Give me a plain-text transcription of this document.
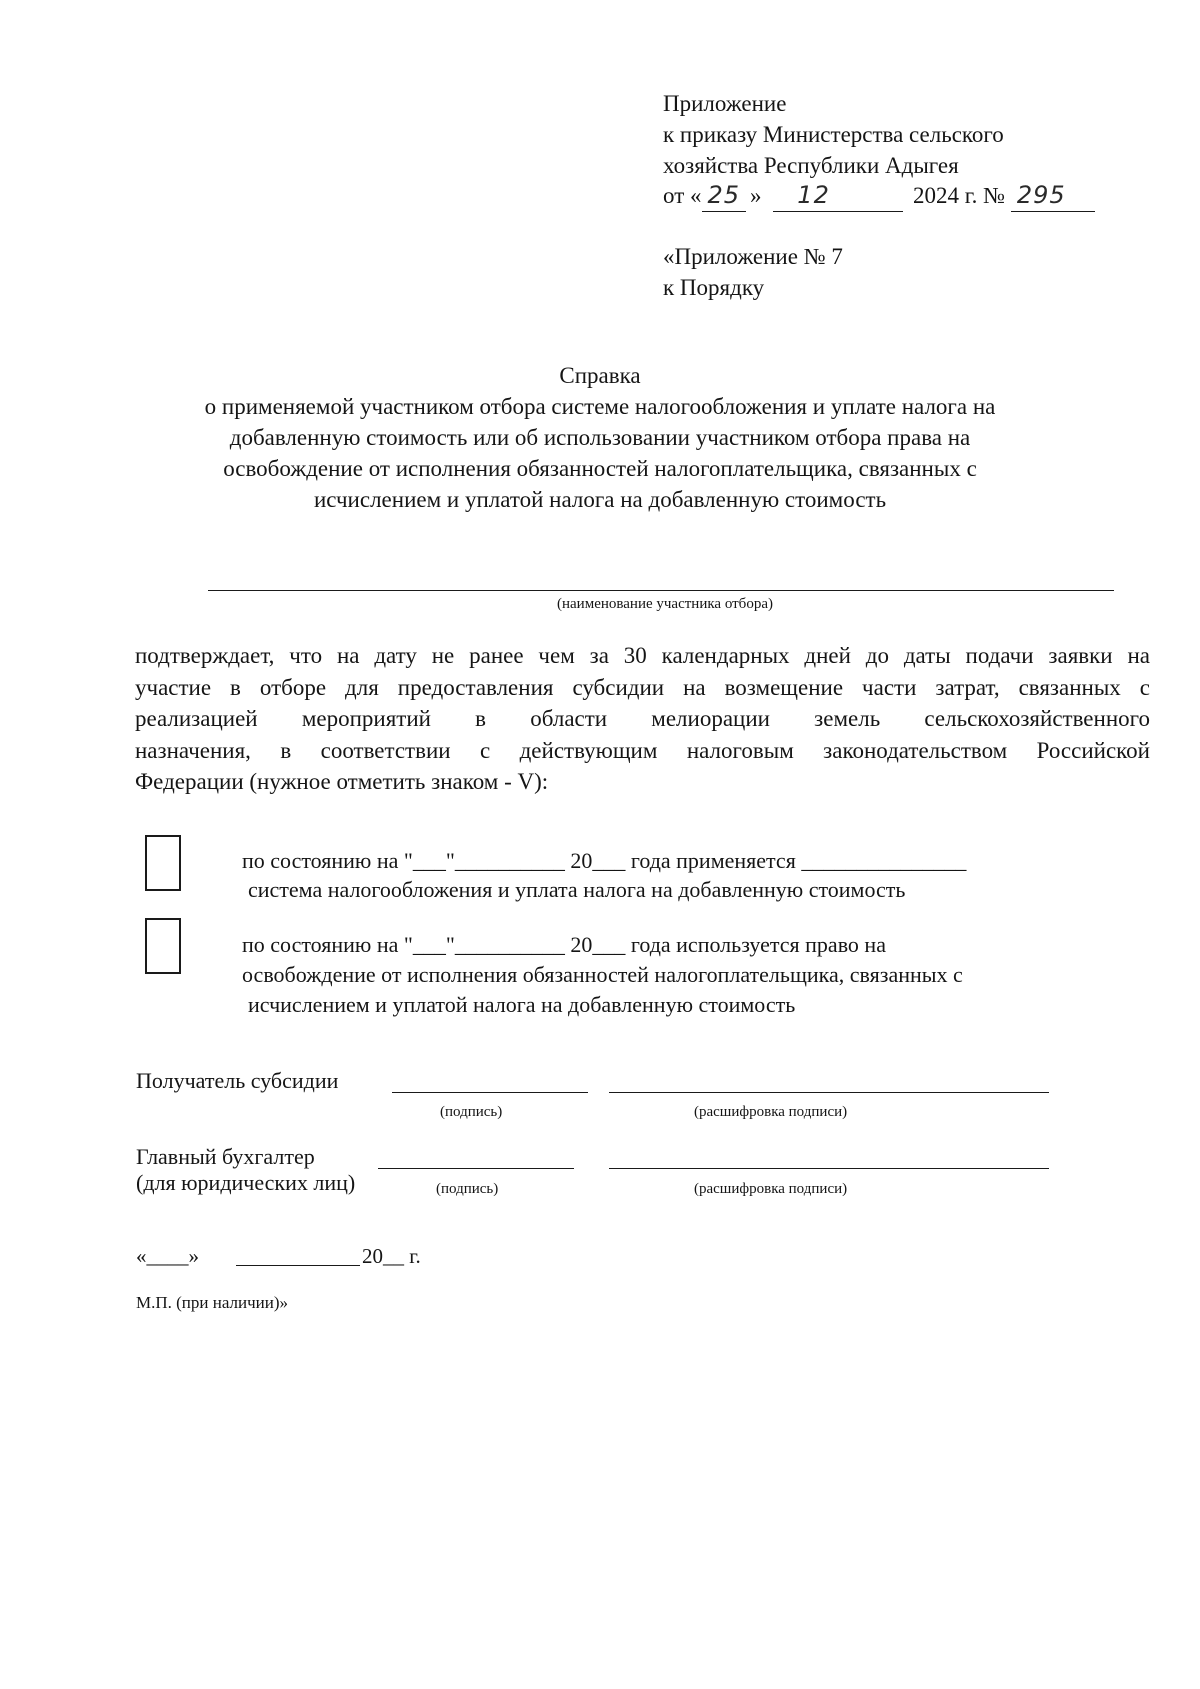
Приложение
к приказу Министерства сельского
хозяйства Республики Адыгея
от « 25 » 12	2024 г. № 295
«Приложение № 7
к Порядку
Справка
о применяемой участником отбора системе налогообложения и уплате налога на
добавленную стоимость или об использовании участником отбора права на
освобождение от исполнения обязанностей налогоплательщика, связанных с
исчислением и уплатой налога на добавленную стоимость
(наименование участника отбора)
подтверждает, что на дату не ранее чем за 30 календарных дней до даты подачи заявки на
участие в отборе для предоставления субсидии на возмещение части затрат, связанных с
реализацией мероприятий в области мелиорации земель сельскохозяйственного
назначения, в соответствии с действующим налоговым законодательством Российской
Федерации (нужное отметить знаком - V):
по состоянию на "___"__________ 20___ года применяется _______________
система налогообложения и уплата налога на добавленную стоимость
по состоянию на "___"__________ 20___ года используется право на
освобождение от исполнения обязанностей налогоплательщика, связанных с
исчислением и уплатой налога на добавленную стоимость
Получатель субсидии
(подпись)	(расшифровка подписи)
Главный бухгалтер
(для юридических лиц)	(подпись)	(расшифровка подписи)
«____»	20__ г.
М.П. (при наличии)»
